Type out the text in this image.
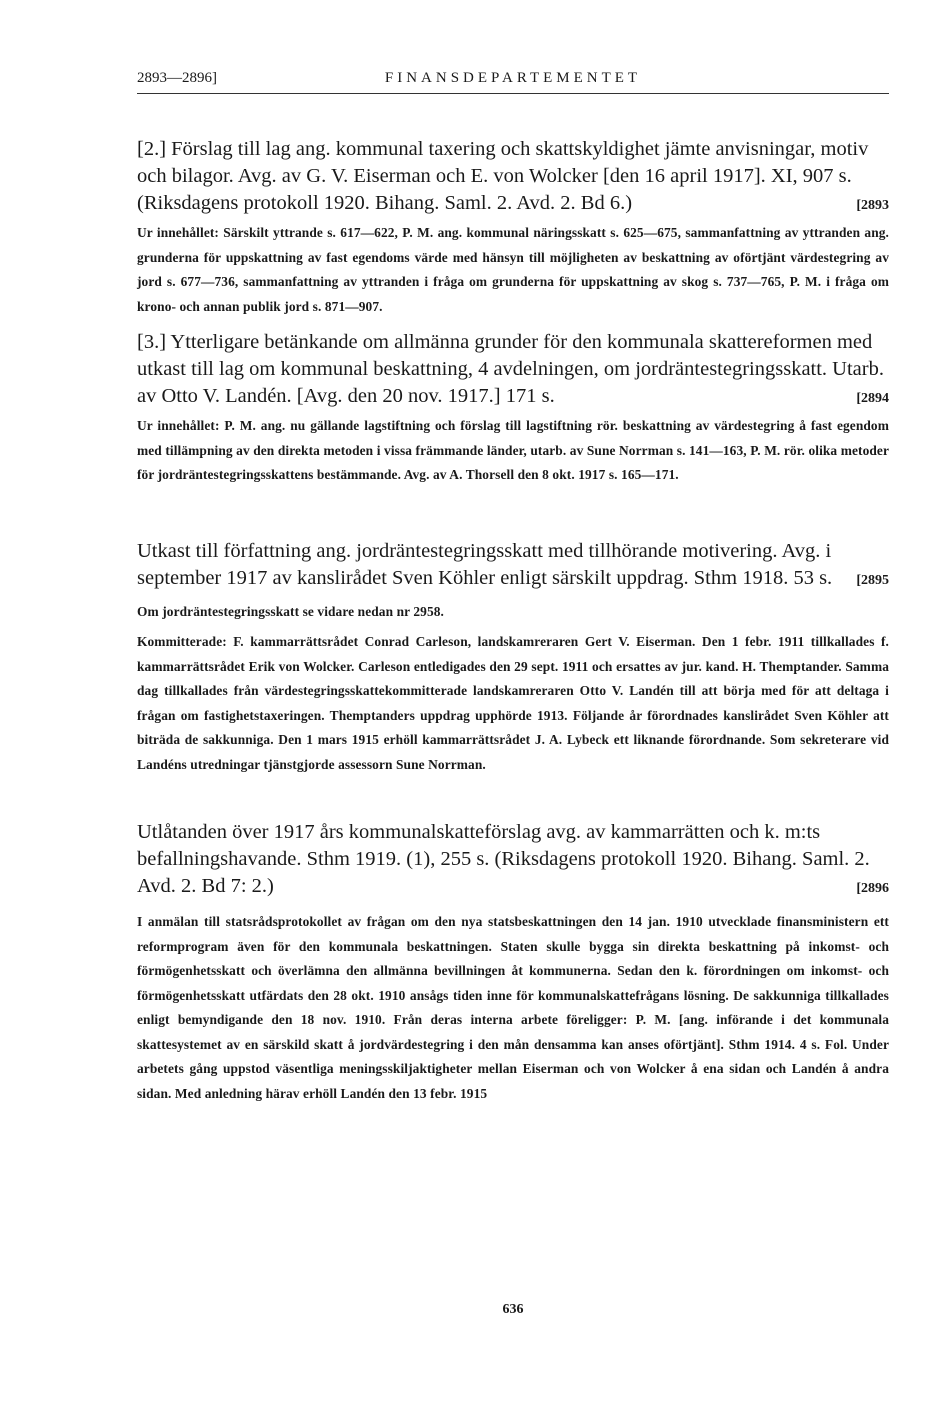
2893—2896]	FINANSDEPARTEMENTET

[2.] Förslag till lag ang. kommunal taxering och skattskyldighet jämte anvisningar, motiv och bilagor. Avg. av G. V. Eiserman och E. von Wolcker [den 16 april 1917]. XI, 907 s. (Riksdagens protokoll 1920. Bihang. Saml. 2. Avd. 2. Bd 6.)	[2893

Ur innehållet: Särskilt yttrande s. 617—622, P. M. ang. kommunal näringsskatt s. 625—675, sammanfattning av yttranden ang. grunderna för uppskattning av fast egendoms värde med hänsyn till möjligheten av beskattning av oförtjänt värdestegring av jord s. 677—736, sammanfattning av yttranden i fråga om grunderna för uppskattning av skog s. 737—765, P. M. i fråga om krono- och annan publik jord s. 871—907.

[3.] Ytterligare betänkande om allmänna grunder för den kommunala skattereformen med utkast till lag om kommunal beskattning, 4 avdelningen, om jordräntestegringsskatt. Utarb. av Otto V. Landén. [Avg. den 20 nov. 1917.] 171 s.	[2894

Ur innehållet: P. M. ang. nu gällande lagstiftning och förslag till lagstiftning rör. beskattning av värdestegring å fast egendom med tillämpning av den direkta metoden i vissa främmande länder, utarb. av Sune Norrman s. 141—163, P. M. rör. olika metoder för jordräntestegringsskattens bestämmande. Avg. av A. Thorsell den 8 okt. 1917 s. 165—171.

Utkast till författning ang. jordräntestegringsskatt med tillhörande motivering. Avg. i september 1917 av kanslirådet Sven Köhler enligt särskilt uppdrag. Sthm 1918. 53 s. [2895

Om jordräntestegringsskatt se vidare nedan nr 2958.

Kommitterade: F. kammarrättsrådet Conrad Carleson, landskamreraren Gert V. Eiserman. Den 1 febr. 1911 tillkallades f. kammarrättsrådet Erik von Wolcker. Carleson entledigades den 29 sept. 1911 och ersattes av jur. kand. H. Themptander. Samma dag tillkallades från värdestegringsskattekommitterade landskamreraren Otto V. Landén till att börja med för att deltaga i frågan om fastighetstaxeringen. Themptanders uppdrag upphörde 1913. Följande år förordnades kanslirådet Sven Köhler att biträda de sakkunniga. Den 1 mars 1915 erhöll kammarrättsrådet J. A. Lybeck ett liknande förordnande. Som sekreterare vid Landéns utredningar tjänstgjorde assessorn Sune Norrman.

Utlåtanden över 1917 års kommunalskatteförslag avg. av kammarrätten och k. m:ts befallningshavande. Sthm 1919. (1), 255 s. (Riksdagens protokoll 1920. Bihang. Saml. 2. Avd. 2. Bd 7: 2.)	[2896

I anmälan till statsrådsprotokollet av frågan om den nya statsbeskattningen den 14 jan. 1910 utvecklade finansministern ett reformprogram även för den kommunala beskattningen. Staten skulle bygga sin direkta beskattning på inkomst- och förmögenhetsskatt och överlämna den allmänna bevillningen åt kommunerna. Sedan den k. förordningen om inkomst- och förmögenhetsskatt utfärdats den 28 okt. 1910 ansågs tiden inne för kommunalskattefrågans lösning. De sakkunniga tillkallades enligt bemyndigande den 18 nov. 1910. Från deras interna arbete föreligger: P. M. [ang. införande i det kommunala skattesystemet av en särskild skatt å jordvärdestegring i den mån densamma kan anses oförtjänt]. Sthm 1914. 4 s. Fol. Under arbetets gång uppstod väsentliga meningsskiljaktigheter mellan Eiserman och von Wolcker å ena sidan och Landén å andra sidan. Med anledning härav erhöll Landén den 13 febr. 1915

636
